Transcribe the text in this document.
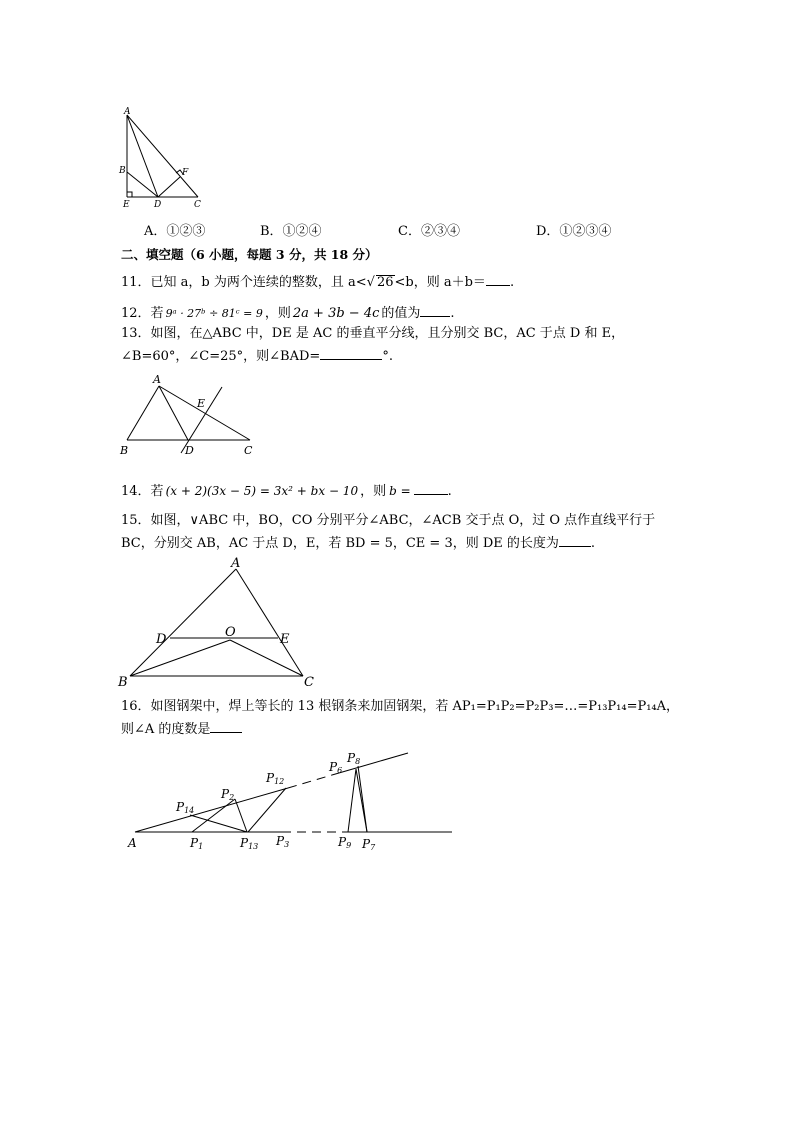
A
B
E	D
F
C
A．①②③	B．①②④	C．②③④	D．①②③④
二、填空题（6 小题，每题 3 分，共 18 分）
11．已知 a，b 为两个连续的整数，且 a<√ 26<b，则 a＋b＝ .
12．若 9ᵃ · 27ᵇ ÷ 81ᶜ = 9 ，则 2a + 3b − 4c 的值为 .
13．如图，在△ABC 中，DE 是 AC 的垂直平分线，且分别交 BC，AC 于点 D 和 E，
∠B=60°，∠C=25°，则∠BAD=	°.
A
E
B	D	C
14．若 (x + 2)(3x − 5) = 3x² + bx − 10 ，则 b =	.
15．如图，∨ABC 中，BO，CO 分别平分∠ABC，∠ACB 交于点 O，过 O 点作直线平行于
BC，分别交 AB，AC 于点 D，E，若 BD = 5，CE = 3，则 DE 的长度为 .
A
D	O	E
B	C
16．如图钢架中，焊上等长的 13 根钢条来加固钢架，若 AP₁=P₁P₂=P₂P₃=…=P₁₃P₁₄=P₁₄A，
则∠A 的度数是
A	P1	P13 P3	P9 P7
P14
P2
P12
P6
P8
